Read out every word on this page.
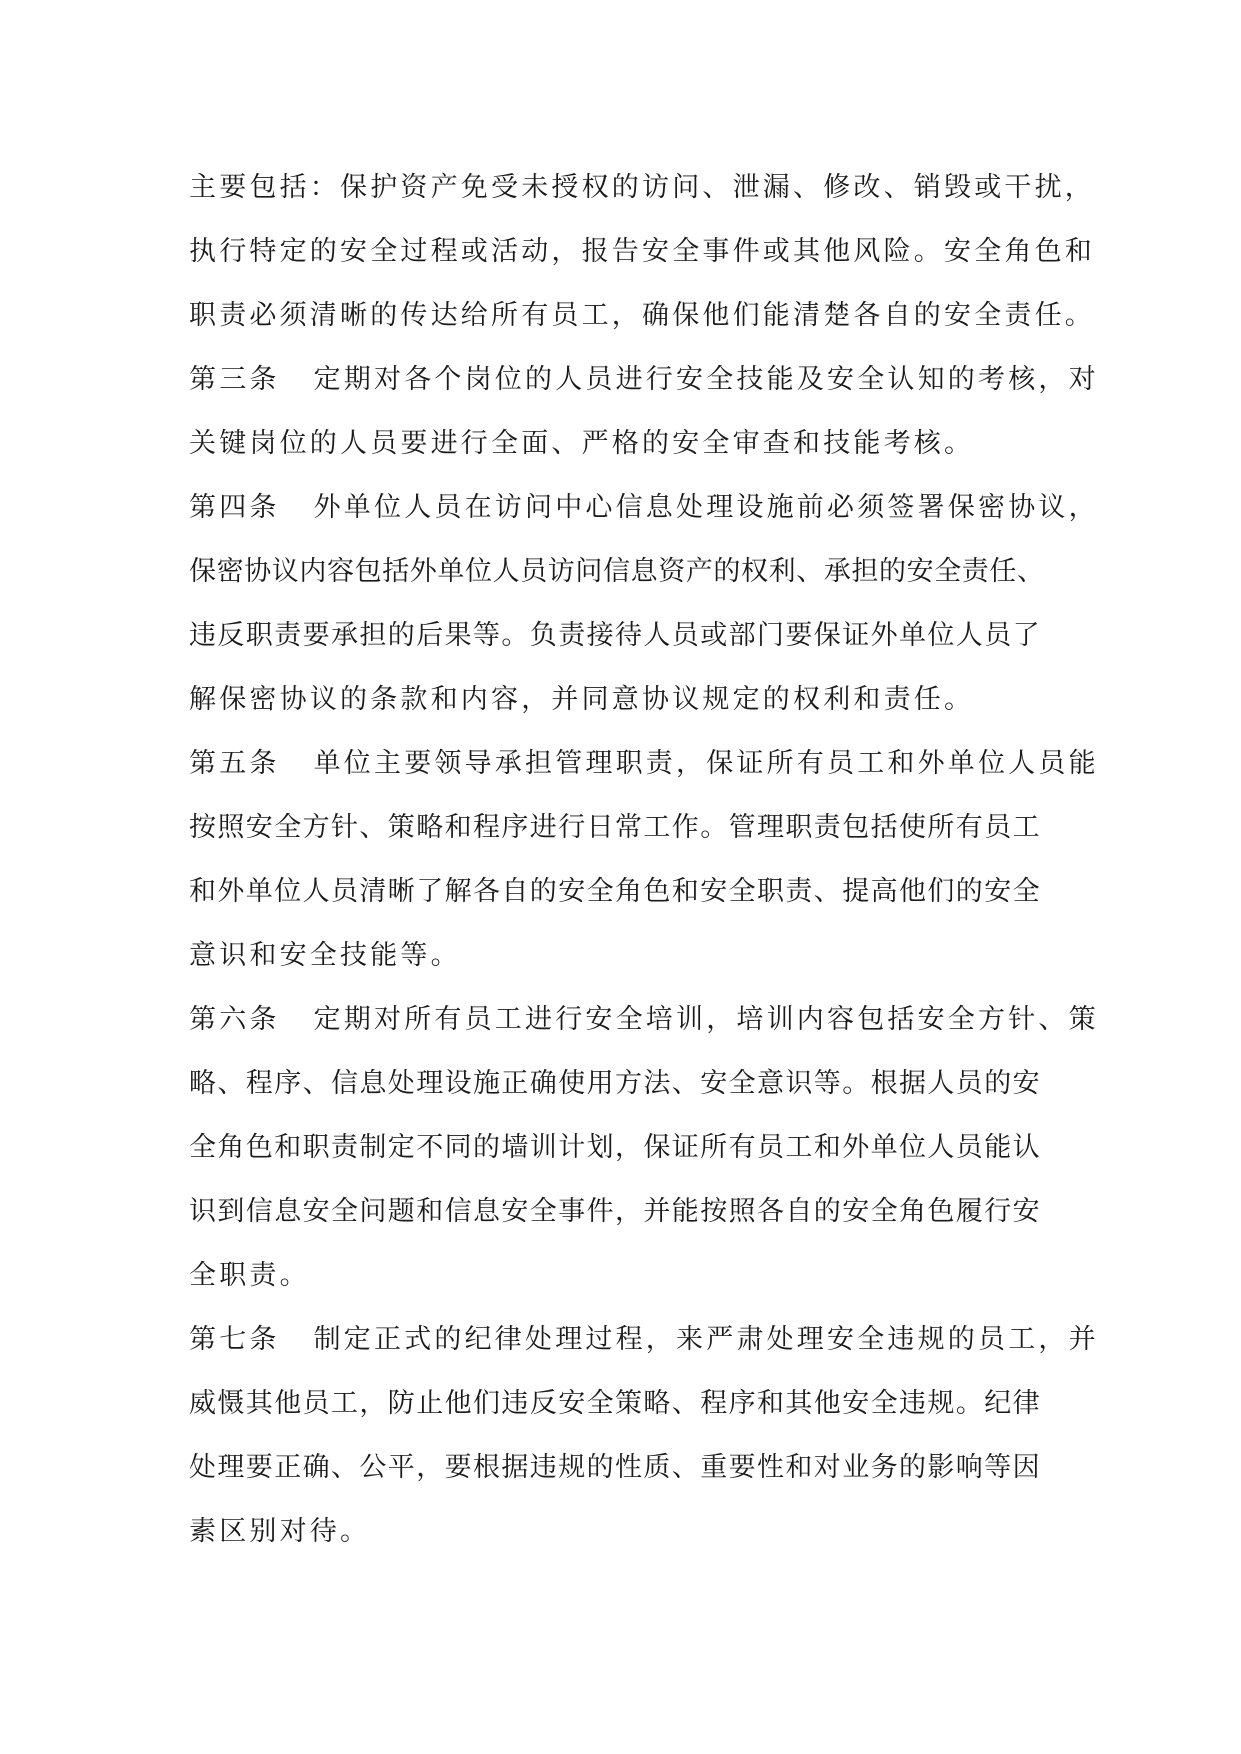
主要包括：保护资产免受未授权的访问、泄漏、修改、销毁或干扰，
执行特定的安全过程或活动，报告安全事件或其他风险。安全角色和
职责必须清晰的传达给所有员工，确保他们能清楚各自的安全责任。
第三条 定期对各个岗位的人员进行安全技能及安全认知的考核，对
关键岗位的人员要进行全面、严格的安全审查和技能考核。
第四条 外单位人员在访问中心信息处理设施前必须签署保密协议，
保密协议内容包括外单位人员访问信息资产的权利、承担的安全责任、
违反职责要承担的后果等。负责接待人员或部门要保证外单位人员了
解保密协议的条款和内容，并同意协议规定的权利和责任。
第五条 单位主要领导承担管理职责，保证所有员工和外单位人员能
按照安全方针、策略和程序进行日常工作。管理职责包括使所有员工
和外单位人员清晰了解各自的安全角色和安全职责、提高他们的安全
意识和安全技能等。
第六条 定期对所有员工进行安全培训，培训内容包括安全方针、策
略、程序、信息处理设施正确使用方法、安全意识等。根据人员的安
全角色和职责制定不同的墙训计划，保证所有员工和外单位人员能认
识到信息安全问题和信息安全事件，并能按照各自的安全角色履行安
全职责。
第七条 制定正式的纪律处理过程，来严肃处理安全违规的员工，并
威慑其他员工，防止他们违反安全策略、程序和其他安全违规。纪律
处理要正确、公平，要根据违规的性质、重要性和对业务的影响等因
素区别对待。
